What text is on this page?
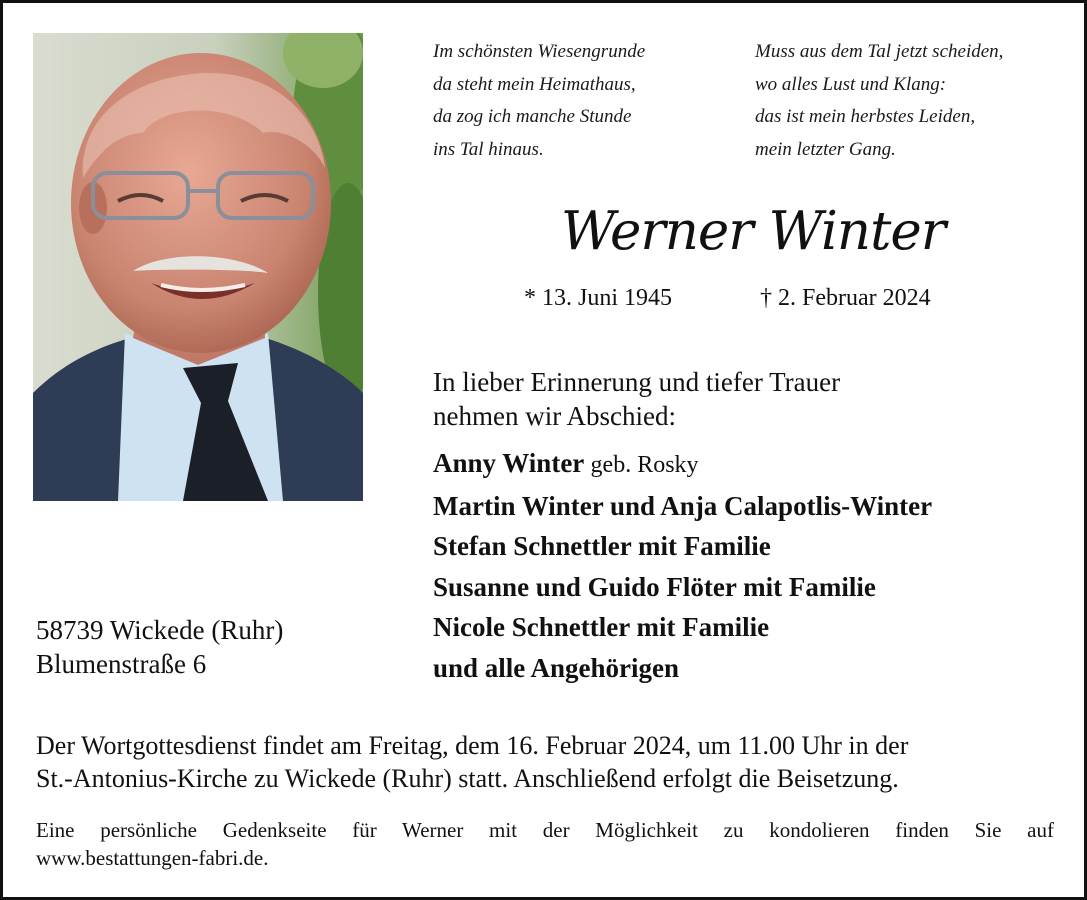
Im schönsten Wiesengrunde
da steht mein Heimathaus,
da zog ich manche Stunde
ins Tal hinaus.
Muss aus dem Tal jetzt scheiden,
wo alles Lust und Klang:
das ist mein herbstes Leiden,
mein letzter Gang.
Werner Winter
* 13. Juni 1945	† 2. Februar 2024
In lieber Erinnerung und tiefer Trauer
nehmen wir Abschied:
Anny Winter geb. Rosky
Martin Winter und Anja Calapotlis-Winter
Stefan Schnettler mit Familie
Susanne und Guido Flöter mit Familie
Nicole Schnettler mit Familie
und alle Angehörigen
58739 Wickede (Ruhr)
Blumenstraße 6
Der Wortgottesdienst findet am Freitag, dem 16. Februar 2024, um 11.00 Uhr in der
St.-Antonius-Kirche zu Wickede (Ruhr) statt. Anschließend erfolgt die Beisetzung.
Eine persönliche Gedenkseite für Werner mit der Möglichkeit zu kondolieren finden Sie auf
www.bestattungen-fabri.de.
